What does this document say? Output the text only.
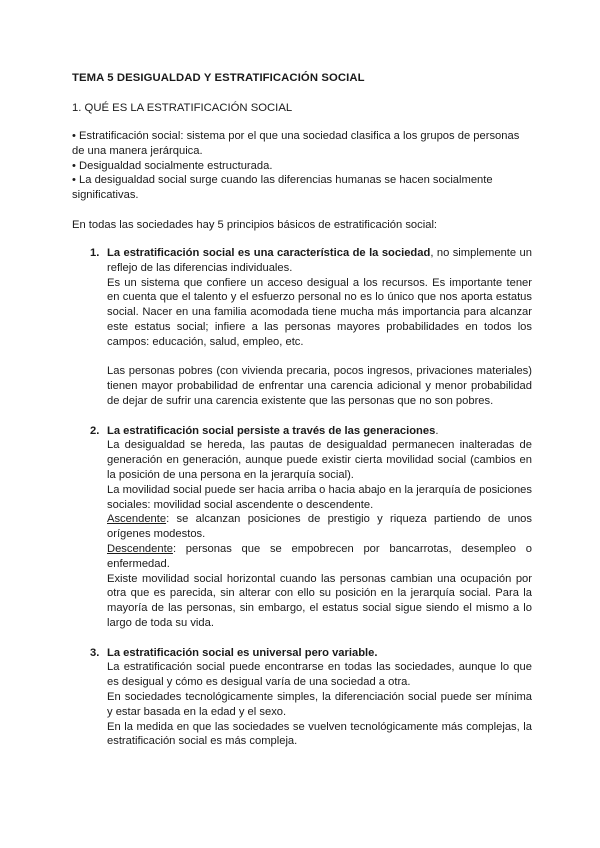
TEMA 5 DESIGUALDAD Y ESTRATIFICACIÓN SOCIAL
1. QUÉ ES LA ESTRATIFICACIÓN SOCIAL

• Estratificación social: sistema por el que una sociedad clasifica a los grupos de personas de una manera jerárquica.

• Desigualdad socialmente estructurada.

• La desigualdad social surge cuando las diferencias humanas se hacen socialmente significativas.

En todas las sociedades hay 5 principios básicos de estratificación social:
1. La estratificación social es una característica de la sociedad, no simplemente un reflejo de las diferencias individuales.

Es un sistema que confiere un acceso desigual a los recursos. Es importante tener en cuenta que el talento y el esfuerzo personal no es lo único que nos aporta estatus social. Nacer en una familia acomodada tiene mucha más importancia para alcanzar este estatus social; infiere a las personas mayores probabilidades en todos los campos: educación, salud, empleo, etc.

Las personas pobres (con vivienda precaria, pocos ingresos, privaciones materiales) tienen mayor probabilidad de enfrentar una carencia adicional y menor probabilidad de dejar de sufrir una carencia existente que las personas que no son pobres.

2. La estratificación social persiste a través de las generaciones.

La desigualdad se hereda, las pautas de desigualdad permanecen inalteradas de generación en generación, aunque puede existir cierta movilidad social (cambios en la posición de una persona en la jerarquía social).

La movilidad social puede ser hacia arriba o hacia abajo en la jerarquía de posiciones sociales: movilidad social ascendente o descendente.

Ascendente: se alcanzan posiciones de prestigio y riqueza partiendo de unos orígenes modestos.

Descendente: personas que se empobrecen por bancarrotas, desempleo o enfermedad.

Existe movilidad social horizontal cuando las personas cambian una ocupación por otra que es parecida, sin alterar con ello su posición en la jerarquía social. Para la mayoría de las personas, sin embargo, el estatus social sigue siendo el mismo a lo largo de toda su vida.

3. La estratificación social es universal pero variable.

La estratificación social puede encontrarse en todas las sociedades, aunque lo que es desigual y cómo es desigual varía de una sociedad a otra.

En sociedades tecnológicamente simples, la diferenciación social puede ser mínima y estar basada en la edad y el sexo.

En la medida en que las sociedades se vuelven tecnológicamente más complejas, la estratificación social es más compleja.
